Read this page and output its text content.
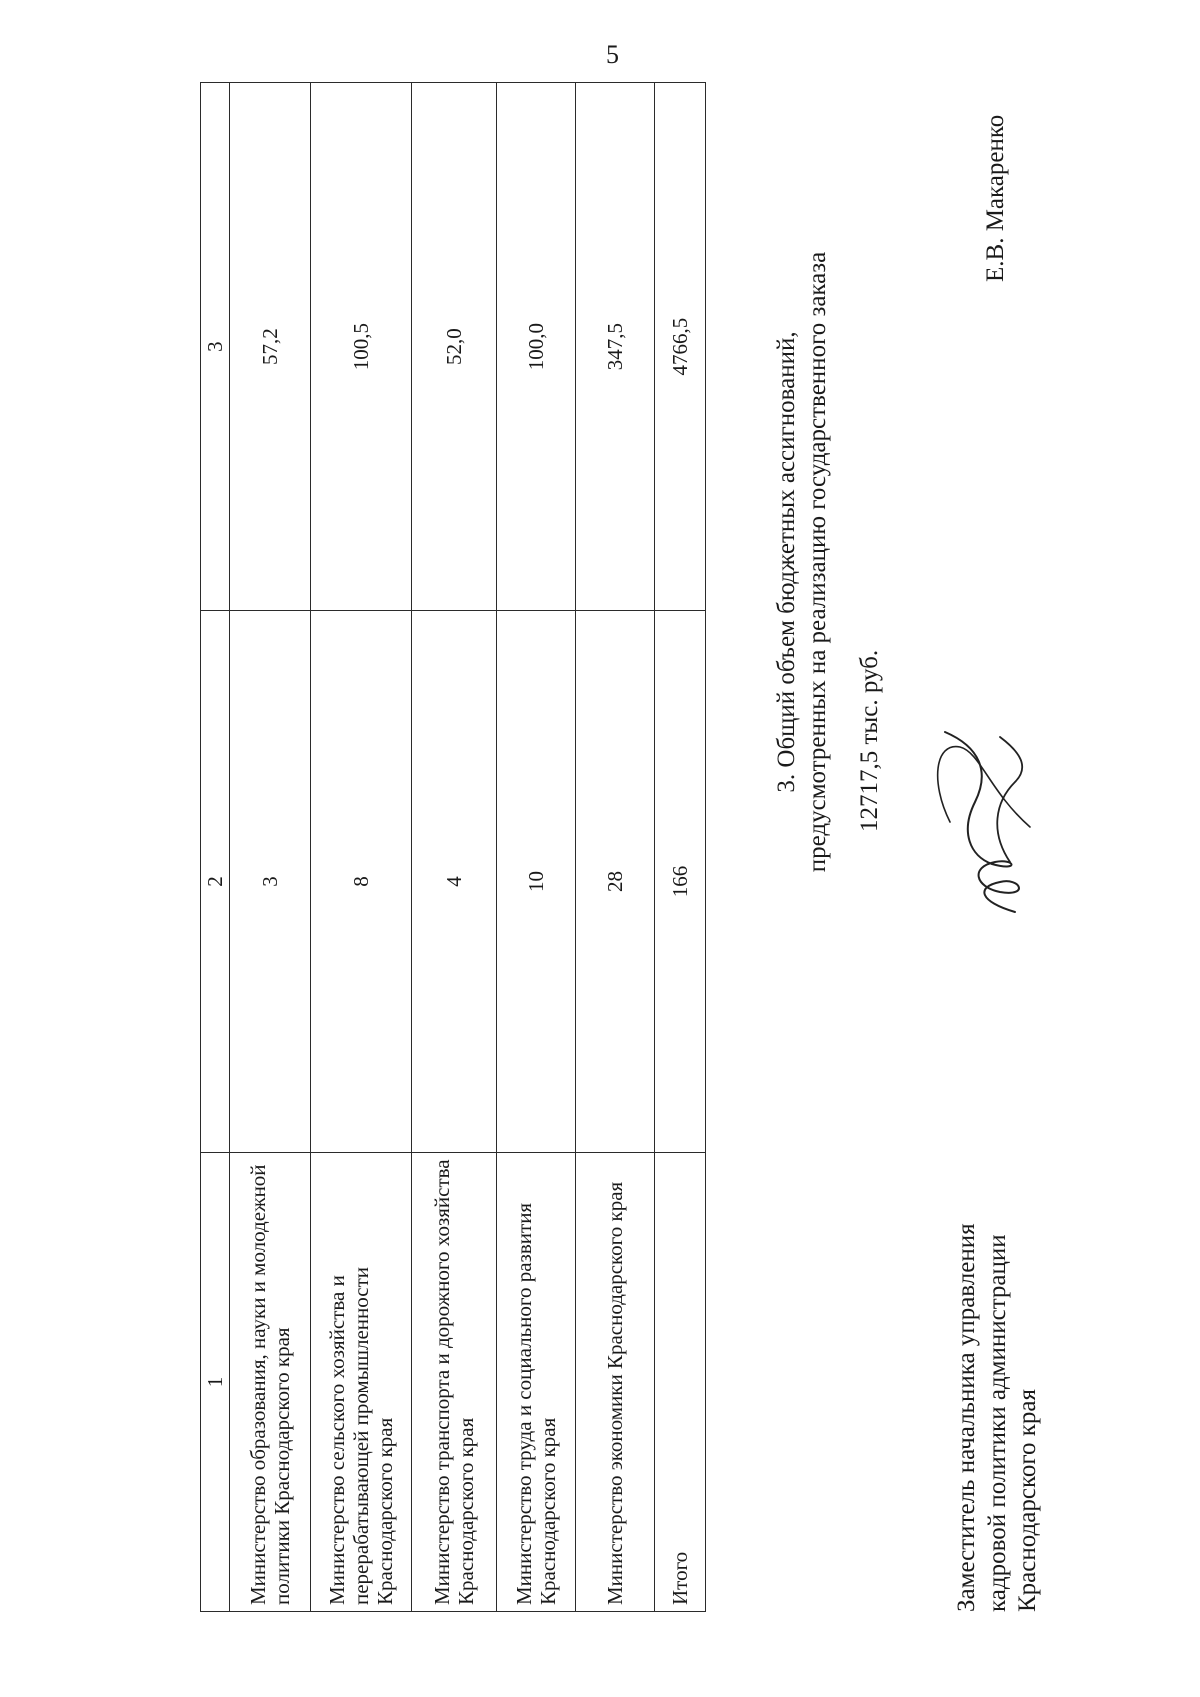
5
1	2	3
Министерство образования, науки и молодежной политики Краснодарского края	3	57,2
Министерство сельского хозяйства и перерабатывающей промышленности Краснодарского края	8	100,5
Министерство транспорта и дорожного хозяйства Краснодарского края	4	52,0
Министерство труда и социального развития Краснодарского края	10	100,0
Министерство экономики Краснодарского края	28	347,5
Итого	166	4766,5	3. Общий объем бюджетных ассигнований, предусмотренных на реализацию государственного заказа 12717,5 тыс. руб.
Заместитель начальника управления кадровой политики администрации Краснодарского края
Е.В. Макаренко
